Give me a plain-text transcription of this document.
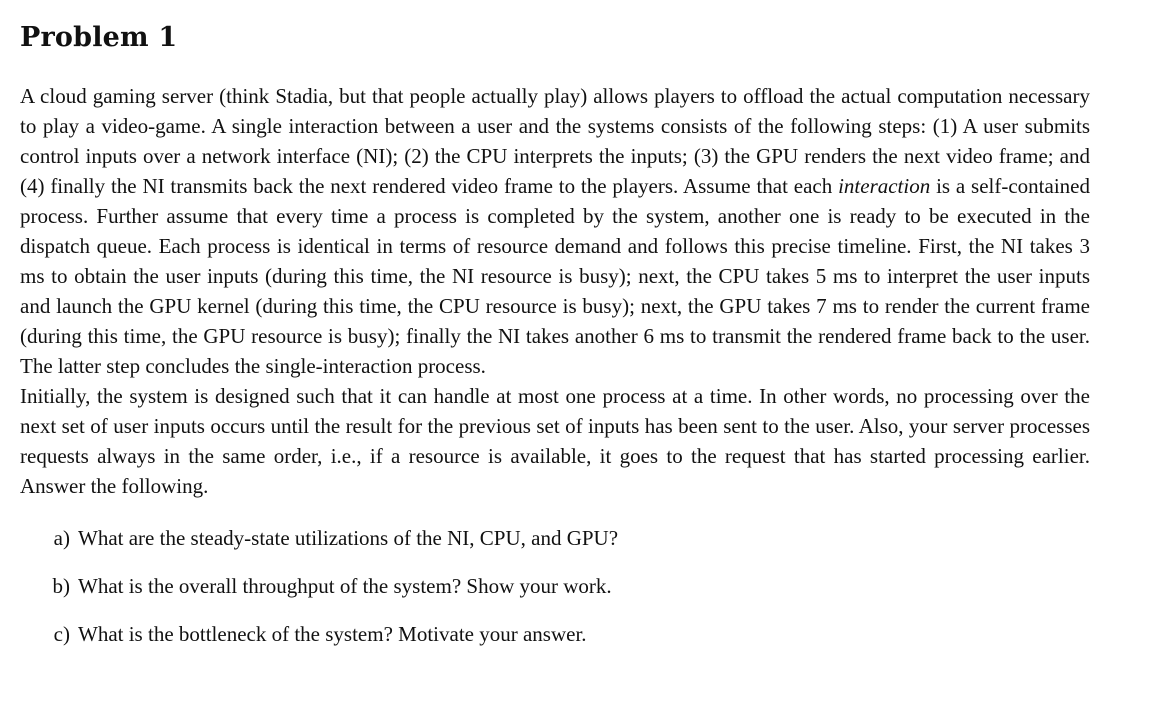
Problem 1

A cloud gaming server (think Stadia, but that people actually play) allows players to offload the actual computation necessary to play a video-game. A single interaction between a user and the systems consists of the following steps: (1) A user submits control inputs over a network interface (NI); (2) the CPU interprets the inputs; (3) the GPU renders the next video frame; and (4) finally the NI transmits back the next rendered video frame to the players. Assume that each interaction is a self-contained process. Further assume that every time a process is completed by the system, another one is ready to be executed in the dispatch queue. Each process is identical in terms of resource demand and follows this precise timeline. First, the NI takes 3 ms to obtain the user inputs (during this time, the NI resource is busy); next, the CPU takes 5 ms to interpret the user inputs and launch the GPU kernel (during this time, the CPU resource is busy); next, the GPU takes 7 ms to render the current frame (during this time, the GPU resource is busy); finally the NI takes another 6 ms to transmit the rendered frame back to the user. The latter step concludes the single-interaction process.

Initially, the system is designed such that it can handle at most one process at a time. In other words, no processing over the next set of user inputs occurs until the result for the previous set of inputs has been sent to the user. Also, your server processes requests always in the same order, i.e., if a resource is available, it goes to the request that has started processing earlier. Answer the following.

a) What are the steady-state utilizations of the NI, CPU, and GPU?
b) What is the overall throughput of the system? Show your work.
c) What is the bottleneck of the system? Motivate your answer.
